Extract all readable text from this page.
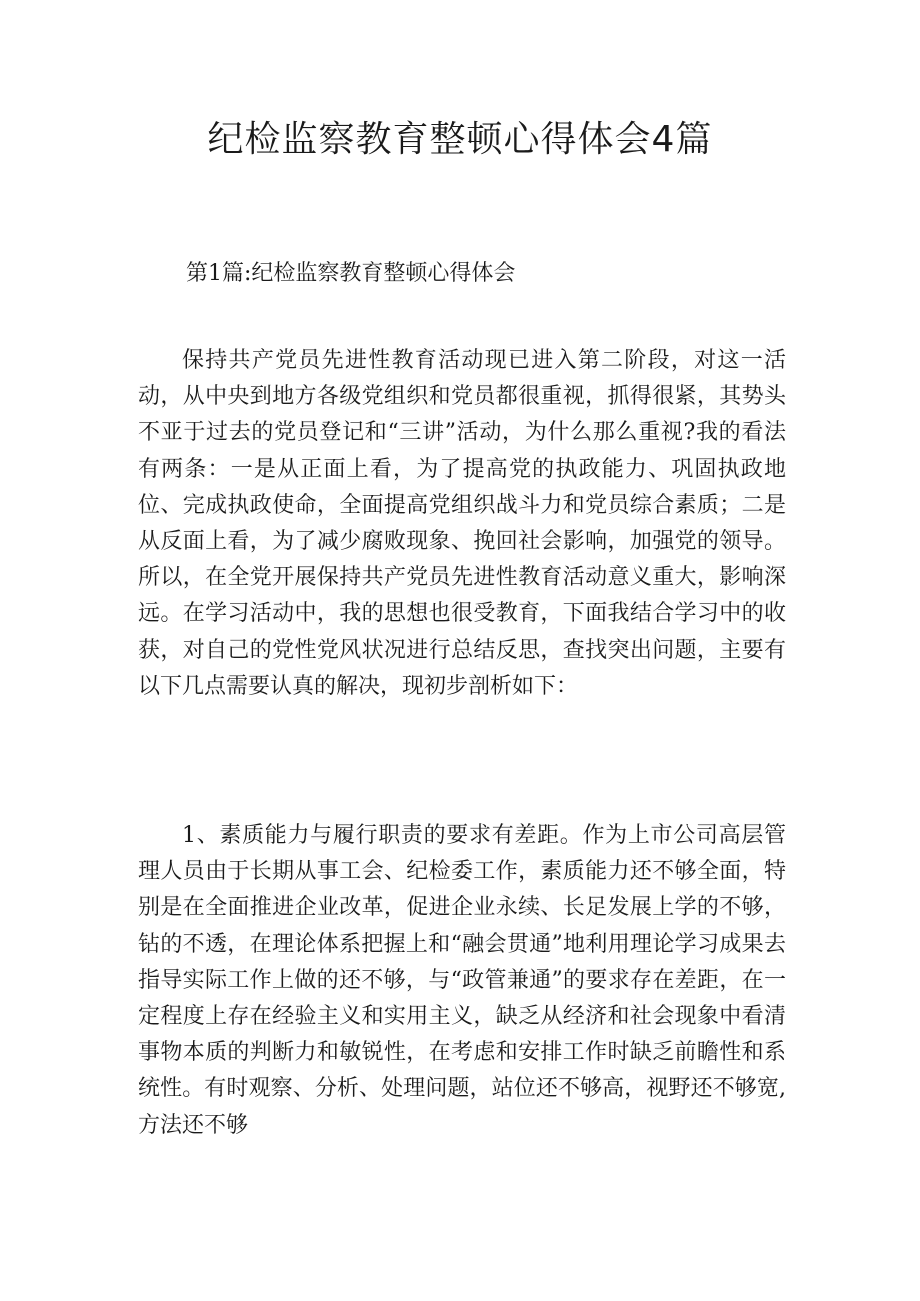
纪检监察教育整顿心得体会4篇
第1篇:纪检监察教育整顿心得体会

保持共产党员先进性教育活动现已进入第二阶段，对这一活动，从中央到地方各级党组织和党员都很重视，抓得很紧，其势头不亚于过去的党员登记和“三讲”活动，为什么那么重视?我的看法有两条：一是从正面上看，为了提高党的执政能力、巩固执政地位、完成执政使命，全面提高党组织战斗力和党员综合素质；二是从反面上看，为了减少腐败现象、挽回社会影响，加强党的领导。所以，在全党开展保持共产党员先进性教育活动意义重大，影响深远。在学习活动中，我的思想也很受教育，下面我结合学习中的收获，对自己的党性党风状况进行总结反思，查找突出问题，主要有以下几点需要认真的解决，现初步剖析如下：

1、素质能力与履行职责的要求有差距。作为上市公司高层管理人员由于长期从事工会、纪检委工作，素质能力还不够全面，特别是在全面推进企业改革，促进企业永续、长足发展上学的不够，钻的不透，在理论体系把握上和“融会贯通”地利用理论学习成果去指导实际工作上做的还不够，与“政管兼通”的要求存在差距，在一定程度上存在经验主义和实用主义，缺乏从经济和社会现象中看清事物本质的判断力和敏锐性，在考虑和安排工作时缺乏前瞻性和系统性。有时观察、分析、处理问题，站位还不够高，视野还不够宽,方法还不够
